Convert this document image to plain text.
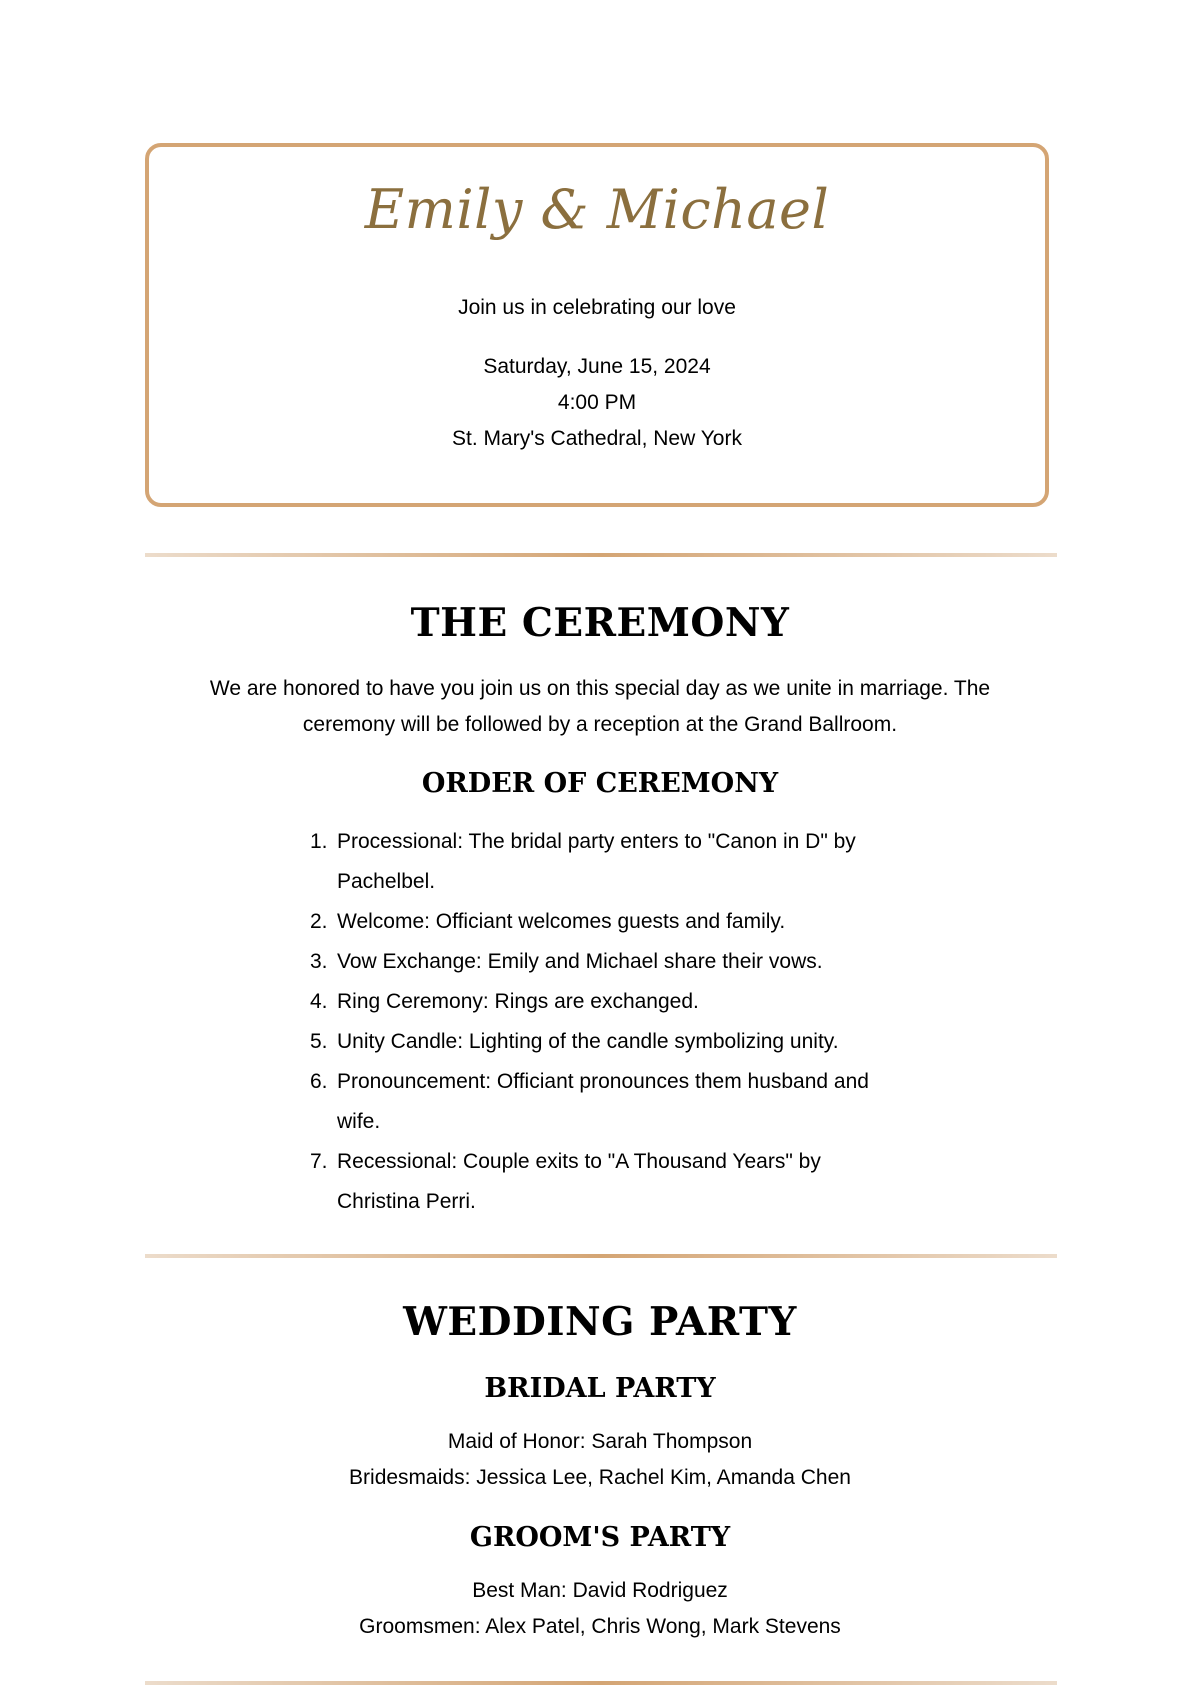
Emily & Michael
Join us in celebrating our love
Saturday, June 15, 2024
4:00 PM
St. Mary's Cathedral, New York
THE CEREMONY
We are honored to have you join us on this special day as we unite in marriage. The ceremony will be followed by a reception at the Grand Ballroom.
ORDER OF CEREMONY
1. Processional: The bridal party enters to "Canon in D" by Pachelbel.
2. Welcome: Officiant welcomes guests and family.
3. Vow Exchange: Emily and Michael share their vows.
4. Ring Ceremony: Rings are exchanged.
5. Unity Candle: Lighting of the candle symbolizing unity.
6. Pronouncement: Officiant pronounces them husband and wife.
7. Recessional: Couple exits to "A Thousand Years" by Christina Perri.
WEDDING PARTY
BRIDAL PARTY
Maid of Honor: Sarah Thompson
Bridesmaids: Jessica Lee, Rachel Kim, Amanda Chen
GROOM'S PARTY
Best Man: David Rodriguez
Groomsmen: Alex Patel, Chris Wong, Mark Stevens
